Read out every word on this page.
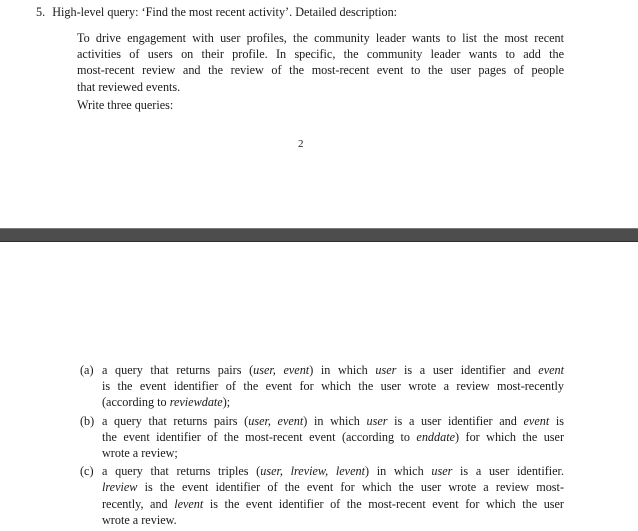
5. High-level query: ‘Find the most recent activity’. Detailed description:

To drive engagement with user profiles, the community leader wants to list the most recent
activities of users on their profile. In specific, the community leader wants to add the
most-recent review and the review of the most-recent event to the user pages of people
that reviewed events.

Write three queries:

2
(a) a query that returns pairs (user, event) in which user is a user identifier and event
is the event identifier of the event for which the user wrote a review most-recently
(according to reviewdate);
(b) a query that returns pairs (user, event) in which user is a user identifier and event is
the event identifier of the most-recent event (according to enddate) for which the user
wrote a review;
(c) a query that returns triples (user, lreview, levent) in which user is a user identifier.
lreview is the event identifier of the event for which the user wrote a review most-
recently, and levent is the event identifier of the most-recent event for which the user
wrote a review.
